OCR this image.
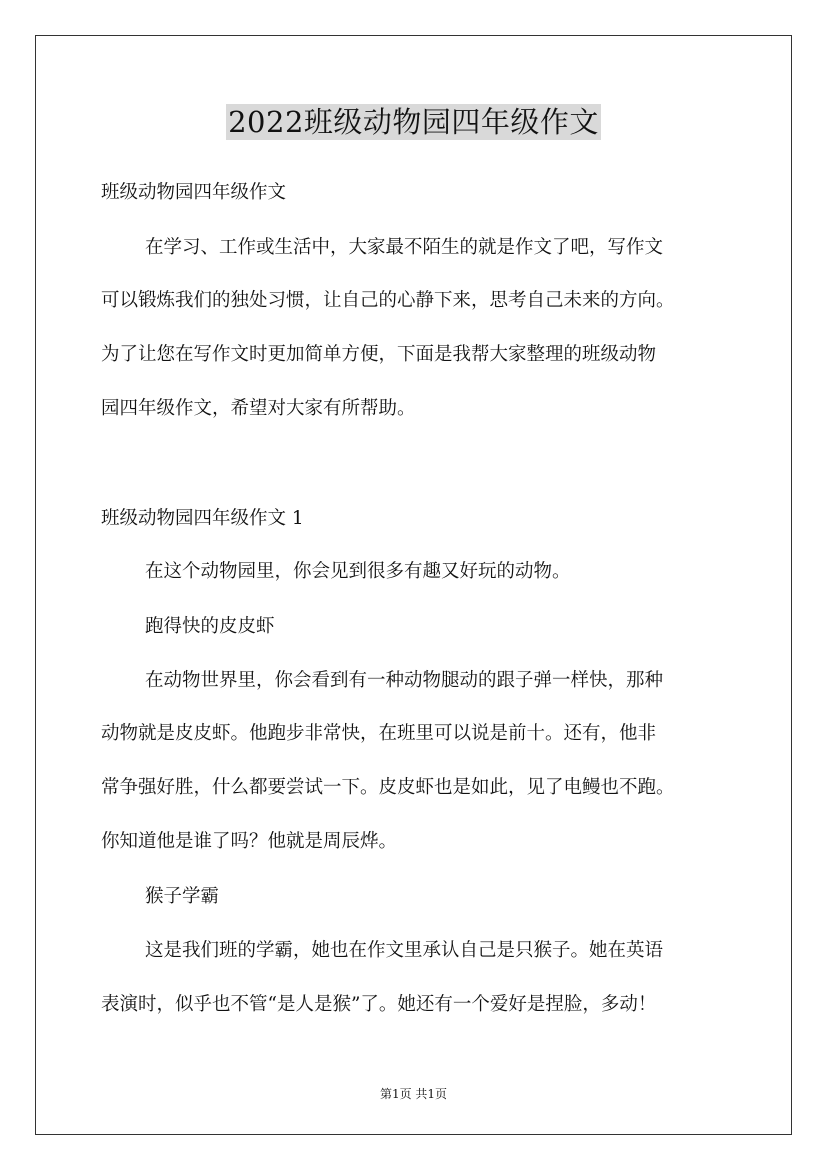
2022班级动物园四年级作文
班级动物园四年级作文
在学习、工作或生活中，大家最不陌生的就是作文了吧，写作文
可以锻炼我们的独处习惯，让自己的心静下来，思考自己未来的方向。
为了让您在写作文时更加简单方便，下面是我帮大家整理的班级动物
园四年级作文，希望对大家有所帮助。
班级动物园四年级作文 1
在这个动物园里，你会见到很多有趣又好玩的动物。
跑得快的皮皮虾
在动物世界里，你会看到有一种动物腿动的跟子弹一样快，那种
动物就是皮皮虾。他跑步非常快，在班里可以说是前十。还有，他非
常争强好胜，什么都要尝试一下。皮皮虾也是如此，见了电鳗也不跑。
你知道他是谁了吗？他就是周辰烨。
猴子学霸
这是我们班的学霸，她也在作文里承认自己是只猴子。她在英语
表演时，似乎也不管“是人是猴”了。她还有一个爱好是捏脸，多动！
第1页 共1页
